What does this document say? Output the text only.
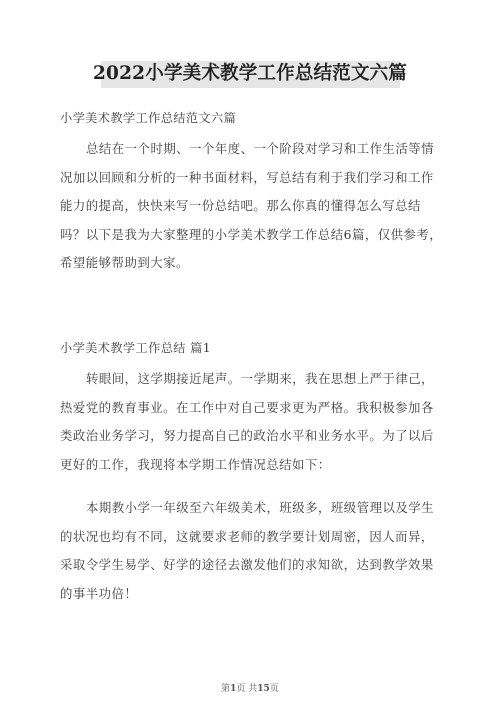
2022小学美术教学工作总结范文六篇
小学美术教学工作总结范文六篇
总结在一个时期、一个年度、一个阶段对学习和工作生活等情况加以回顾和分析的一种书面材料，写总结有利于我们学习和工作能力的提高，快快来写一份总结吧。那么你真的懂得怎么写总结吗？以下是我为大家整理的小学美术教学工作总结6篇，仅供参考，希望能够帮助到大家。
小学美术教学工作总结 篇1
转眼间，这学期接近尾声。一学期来，我在思想上严于律己，热爱党的教育事业。在工作中对自己要求更为严格。我积极参加各类政治业务学习，努力提高自己的政治水平和业务水平。为了以后更好的工作，我现将本学期工作情况总结如下：
本期教小学一年级至六年级美术，班级多，班级管理以及学生的状况也均有不同，这就要求老师的教学要计划周密，因人而异，采取令学生易学、好学的途径去激发他们的求知欲，达到教学效果的事半功倍！
第1页 共15页
